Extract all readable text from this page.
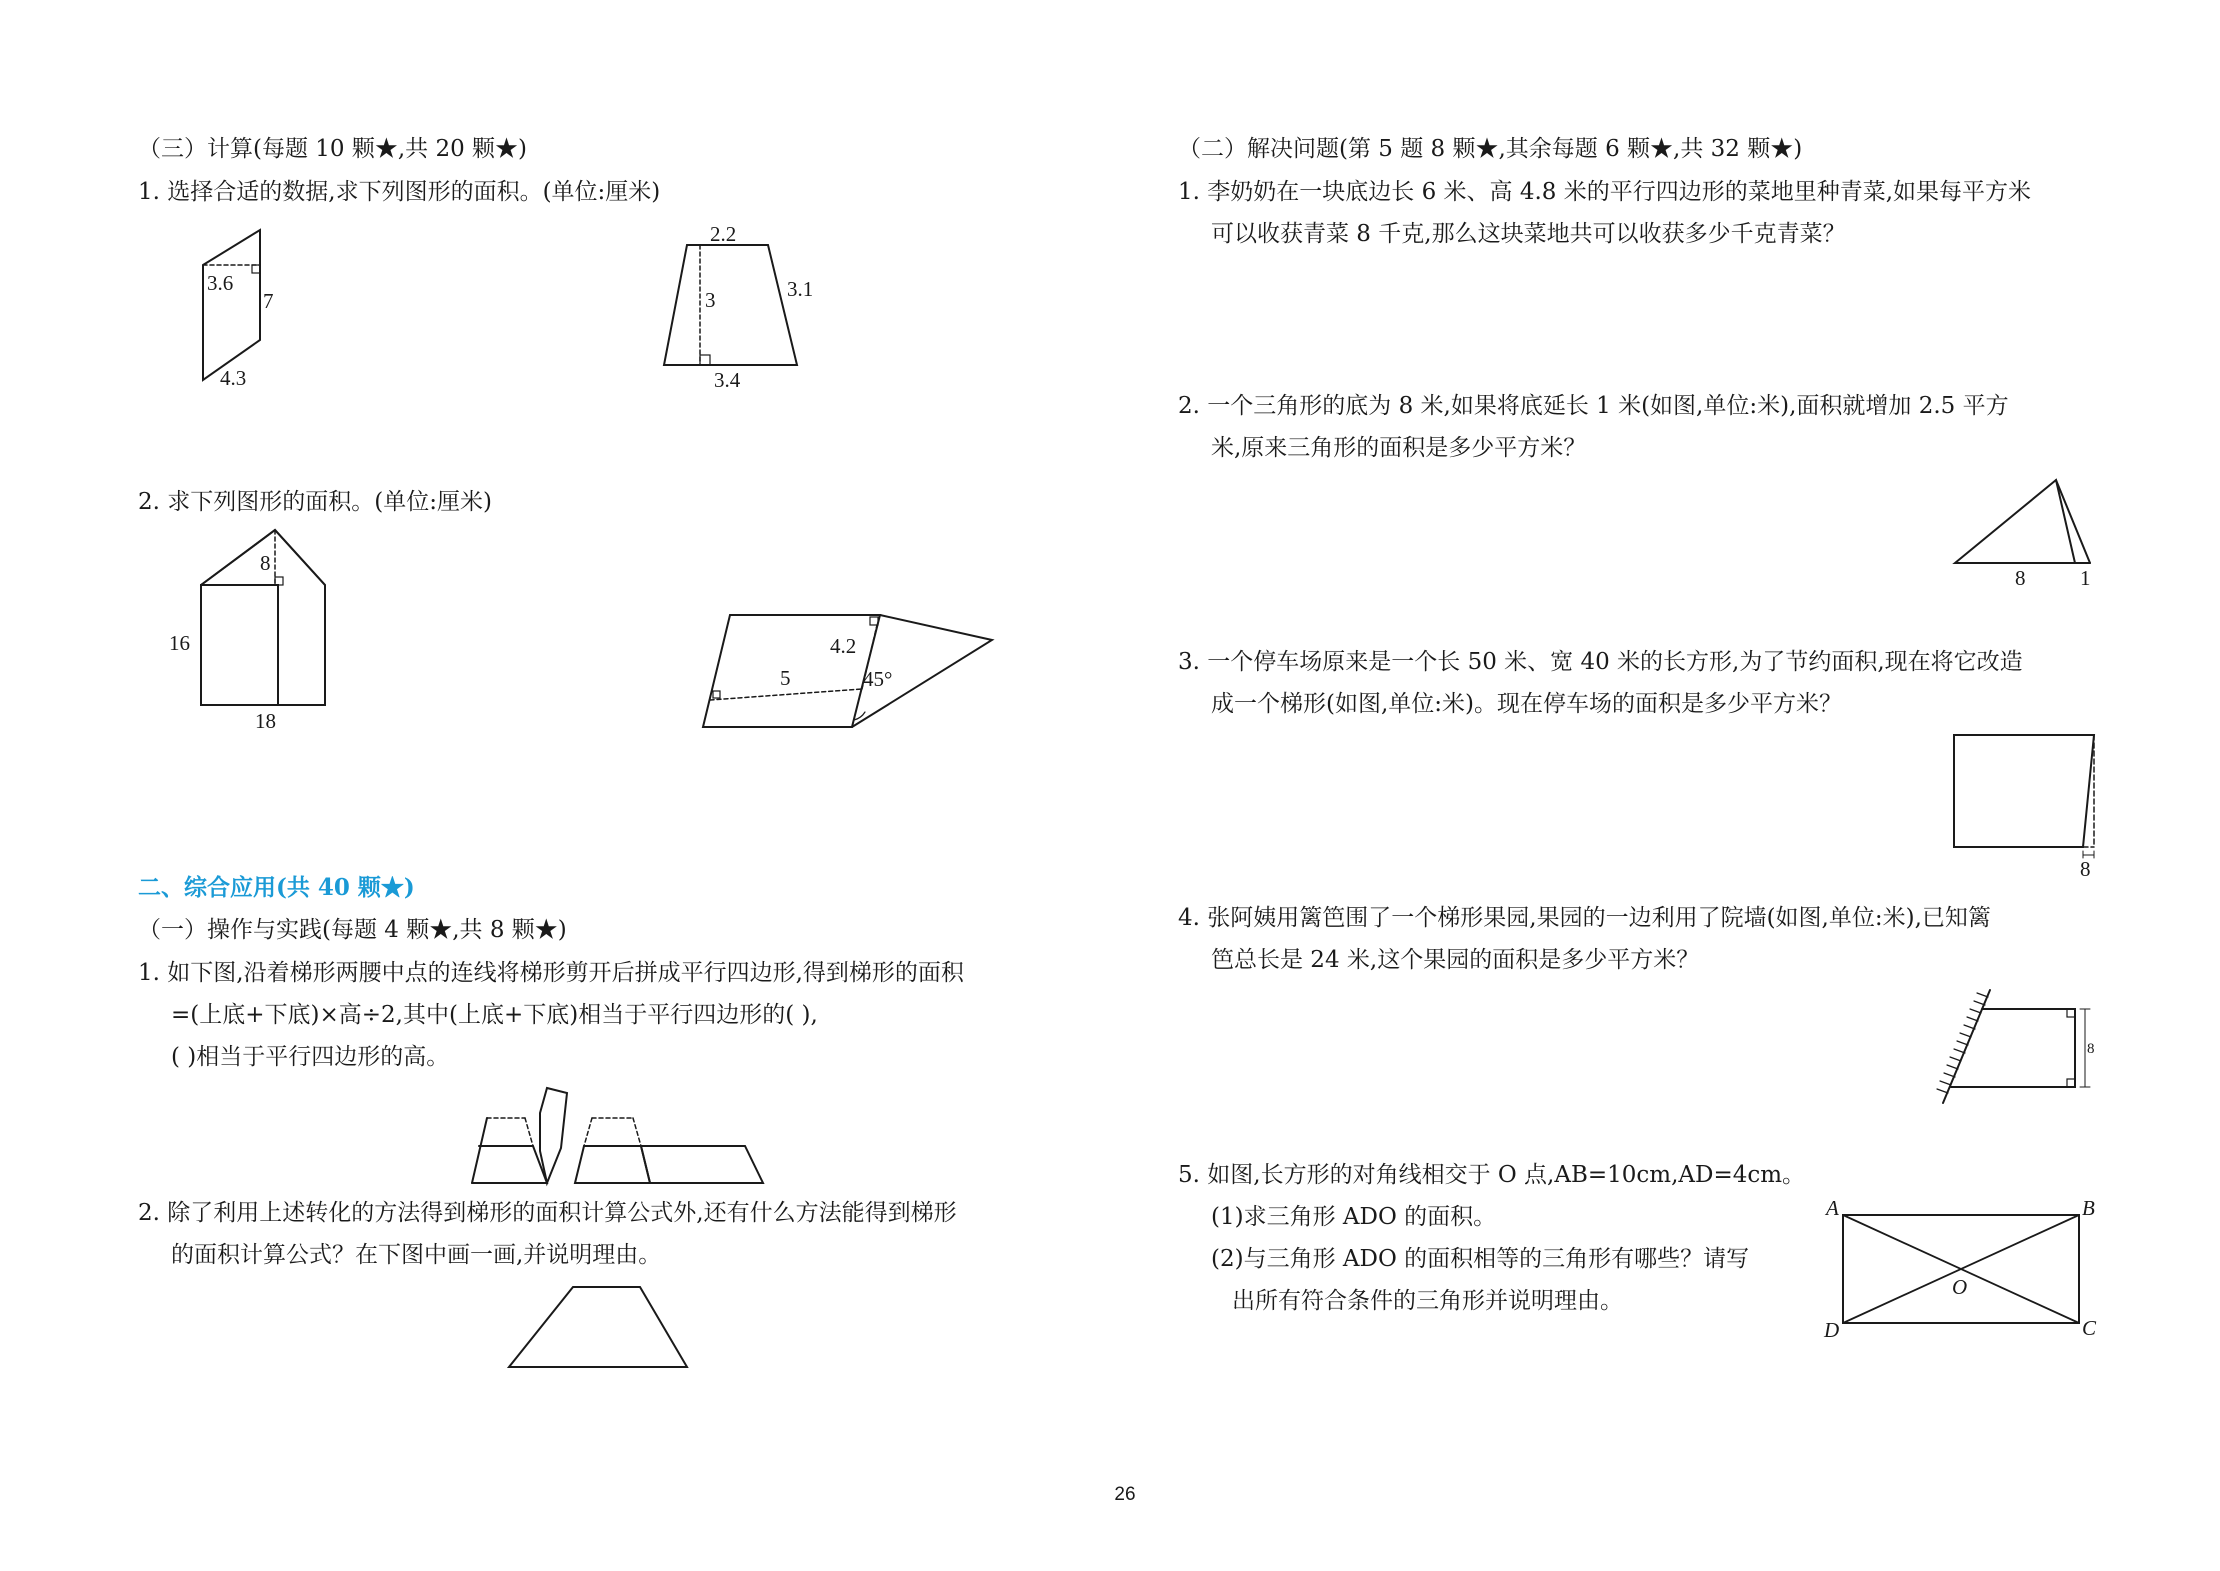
（三）计算(每题 10 颗★,共 20 颗★)
1. 选择合适的数据,求下列图形的面积。(单位:厘米)
3.6
7
4.3
2.2
3	3.1
3.4
2. 求下列图形的面积。(单位:厘米)
8
16
18
4.2
5	45°
二、综合应用(共 40 颗★)
（一）操作与实践(每题 4 颗★,共 8 颗★)
1. 如下图,沿着梯形两腰中点的连线将梯形剪开后拼成平行四边形,得到梯形的面积
=(上底+下底)×高÷2,其中(上底+下底)相当于平行四边形的( ),
( )相当于平行四边形的高。
2. 除了利用上述转化的方法得到梯形的面积计算公式外,还有什么方法能得到梯形
的面积计算公式？在下图中画一画,并说明理由。
（二）解决问题(第 5 题 8 颗★,其余每题 6 颗★,共 32 颗★)
1. 李奶奶在一块底边长 6 米、高 4.8 米的平行四边形的菜地里种青菜,如果每平方米
可以收获青菜 8 千克,那么这块菜地共可以收获多少千克青菜？
2. 一个三角形的底为 8 米,如果将底延长 1 米(如图,单位:米),面积就增加 2.5 平方
米,原来三角形的面积是多少平方米？
8	1
3. 一个停车场原来是一个长 50 米、宽 40 米的长方形,为了节约面积,现在将它改造
成一个梯形(如图,单位:米)。现在停车场的面积是多少平方米？
8
4. 张阿姨用篱笆围了一个梯形果园,果园的一边利用了院墙(如图,单位:米),已知篱
笆总长是 24 米,这个果园的面积是多少平方米？
8
5. 如图,长方形的对角线相交于 O 点,AB=10cm,AD=4cm。
(1)求三角形 ADO 的面积。
(2)与三角形 ADO 的面积相等的三角形有哪些？请写
出所有符合条件的三角形并说明理由。
A	B
O
D	C
26
